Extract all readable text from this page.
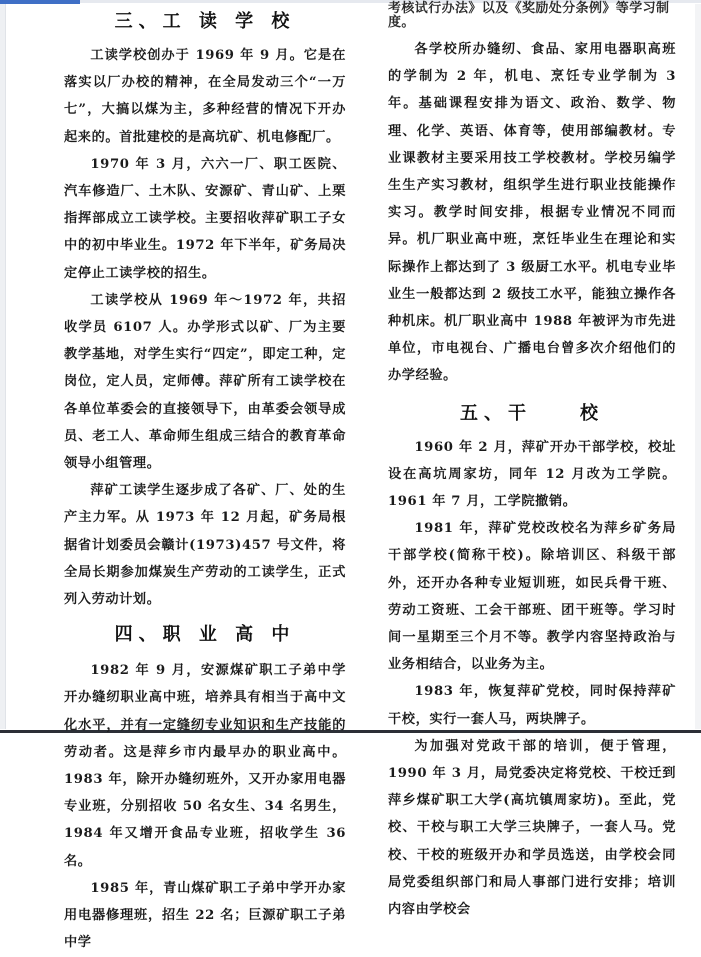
三、工 读 学 校

工读学校创办于 1969 年 9 月。它是在落实以厂办校的精神，在全局发动三个“一万七”，大搞以煤为主，多种经营的情况下开办起来的。首批建校的是高坑矿、机电修配厂。

1970 年 3 月，六六一厂、职工医院、汽车修造厂、土木队、安源矿、青山矿、上栗指挥部成立工读学校。主要招收萍矿职工子女中的初中毕业生。1972 年下半年，矿务局决定停止工读学校的招生。

工读学校从 1969 年～1972 年，共招收学员 6107 人。办学形式以矿、厂为主要教学基地，对学生实行“四定”，即定工种，定岗位，定人员，定师傅。萍矿所有工读学校在各单位革委会的直接领导下，由革委会领导成员、老工人、革命师生组成三结合的教育革命领导小组管理。

萍矿工读学生逐步成了各矿、厂、处的生产主力军。从 1973 年 12 月起，矿务局根据省计划委员会赣计(1973)457 号文件，将全局长期参加煤炭生产劳动的工读学生，正式列入劳动计划。

四、职 业 高 中

1982 年 9 月，安源煤矿职工子弟中学开办缝纫职业高中班，培养具有相当于高中文化水平，并有一定缝纫专业知识和生产技能的劳动者。这是萍乡市内最早办的职业高中。1983 年，除开办缝纫班外，又开办家用电器专业班，分别招收 50 名女生、34 名男生，1984 年又增开食品专业班，招收学生 36 名。

1985 年，青山煤矿职工子弟中学开办家用电器修理班，招生 22 名；巨源矿职工子弟中学

考核试行办法》以及《奖励处分条例》等学习制度。

各学校所办缝纫、食品、家用电器职高班的学制为 2 年，机电、烹饪专业学制为 3 年。基础课程安排为语文、政治、数学、物理、化学、英语、体育等，使用部编教材。专业课教材主要采用技工学校教材。学校另编学生生产实习教材，组织学生进行职业技能操作实习。教学时间安排，根据专业情况不同而异。机厂职业高中班，烹饪毕业生在理论和实际操作上都达到了 3 级厨工水平。机电专业毕业生一般都达到 2 级技工水平，能独立操作各种机床。机厂职业高中 1988 年被评为市先进单位，市电视台、广播电台曾多次介绍他们的办学经验。

五、干　　校

1960 年 2 月，萍矿开办干部学校，校址设在高坑周家坊，同年 12 月改为工学院。1961 年 7 月，工学院撤销。

1981 年，萍矿党校改校名为萍乡矿务局干部学校(简称干校)。除培训区、科级干部外，还开办各种专业短训班，如民兵骨干班、劳动工资班、工会干部班、团干班等。学习时间一星期至三个月不等。教学内容坚持政治与业务相结合，以业务为主。

1983 年，恢复萍矿党校，同时保持萍矿干校，实行一套人马，两块牌子。

为加强对党政干部的培训，便于管理，1990 年 3 月，局党委决定将党校、干校迁到萍乡煤矿职工大学(高坑镇周家坊)。至此，党校、干校与职工大学三块牌子，一套人马。党校、干校的班级开办和学员选送，由学校会同局党委组织部门和局人事部门进行安排；培训内容由学校会
